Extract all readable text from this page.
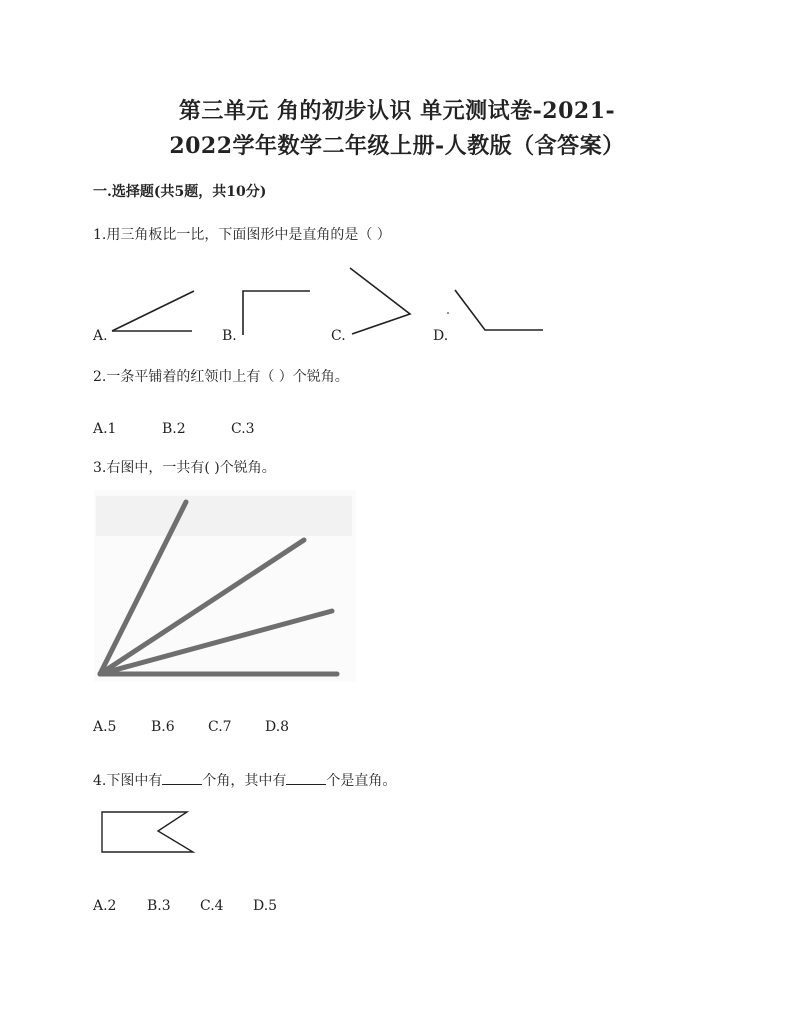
第三单元 角的初步认识 单元测试卷-2021-
2022学年数学二年级上册-人教版（含答案）
一.选择题(共5题，共10分)
1.用三角板比一比，下面图形中是直角的是（ ）
A.	B.	C.	D.
2.一条平铺着的红领巾上有（ ）个锐角。
A.1	B.2	C.3
3.右图中，一共有( )个锐角。
A.5 B.6 C.7 D.8
4.下图中有	个角，其中有	个是直角。
A.2 B.3 C.4 D.5
